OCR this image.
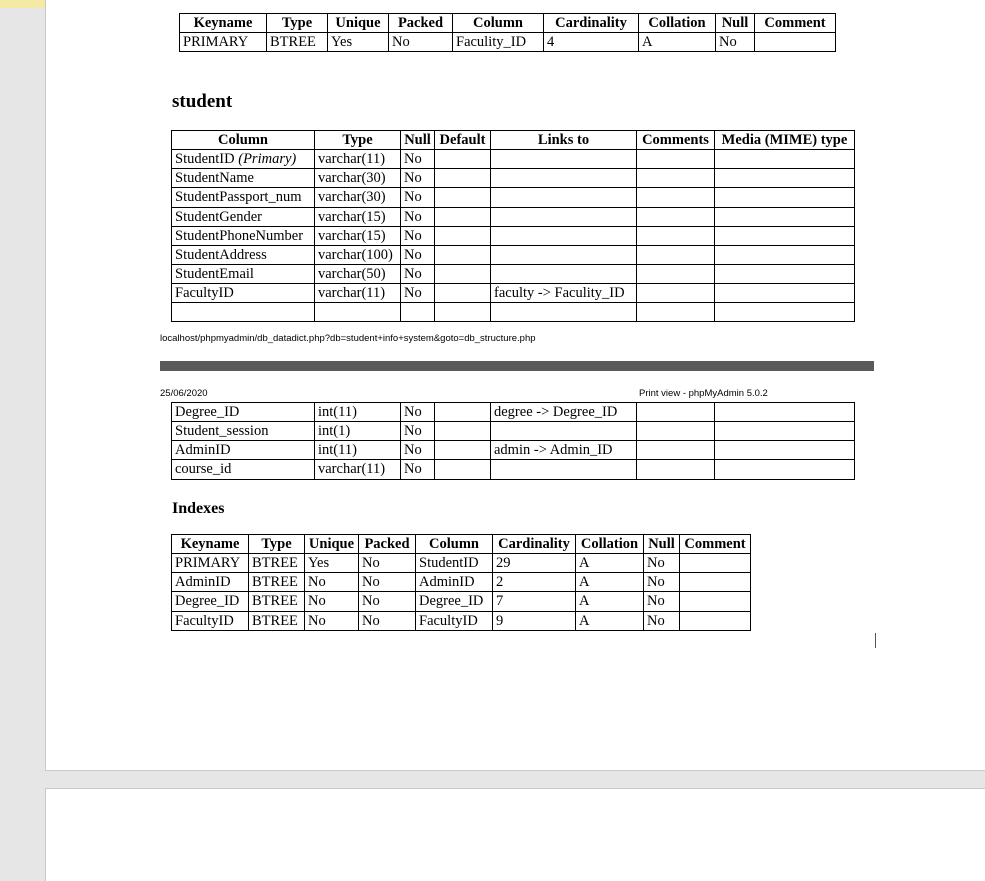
Keyname	Type	Unique	Packed	Column	Cardinality	Collation	Null	Comment
PRIMARY	BTREE	Yes	No	Faculity_ID	4	A	No	
student
Column	Type	Null	Default	Links to	Comments	Media (MIME) type
StudentID (Primary)	varchar(11)	No				
StudentName	varchar(30)	No				
StudentPassport_num	varchar(30)	No				
StudentGender	varchar(15)	No				
StudentPhoneNumber	varchar(15)	No				
StudentAddress	varchar(100)	No				
StudentEmail	varchar(50)	No				
FacultyID	varchar(11)	No		faculty -> Faculity_ID		

localhost/phpmyadmin/db_datadict.php?db=student+info+system&goto=db_structure.php
25/06/2020	Print view - phpMyAdmin 5.0.2
Degree_ID	int(11)	No		degree -> Degree_ID		
Student_session	int(1)	No				
AdminID	int(11)	No		admin -> Admin_ID		
course_id	varchar(11)	No				
Indexes
Keyname	Type	Unique	Packed	Column	Cardinality	Collation	Null	Comment
PRIMARY	BTREE	Yes	No	StudentID	29	A	No	
AdminID	BTREE	No	No	AdminID	2	A	No	
Degree_ID	BTREE	No	No	Degree_ID	7	A	No	
FacultyID	BTREE	No	No	FacultyID	9	A	No	
